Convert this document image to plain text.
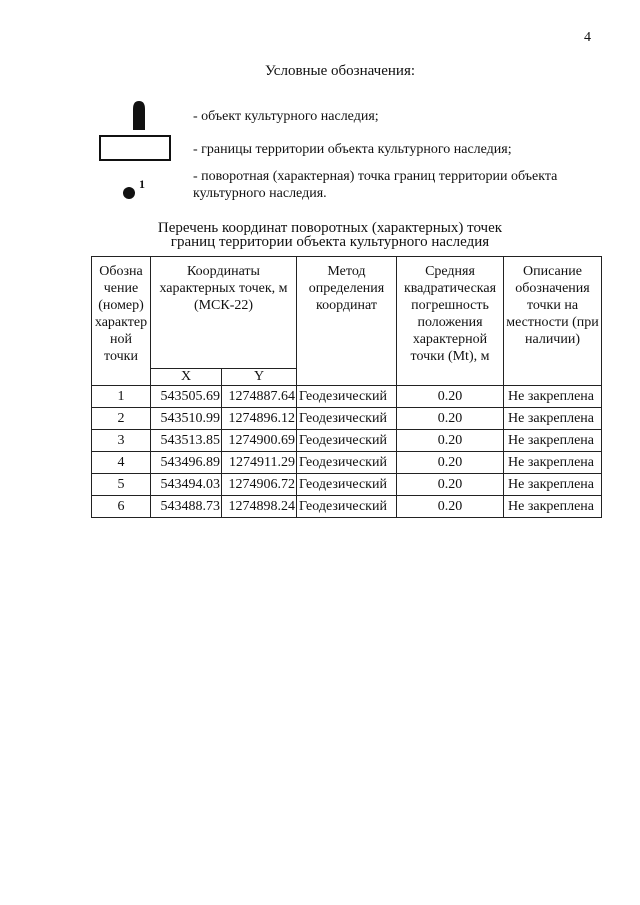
4
Условные обозначения:
- объект культурного наследия;
- границы территории объекта культурного наследия;
1	- поворотная (характерная) точка границ территории объекта культурного наследия.
Перечень координат поворотных (характерных) точек
границ территории объекта культурного наследия
Обозна чение (номер) характер ной точки	Координаты характерных точек, м (МСК-22)		Метод определения координат	Средняя квадратическая погрешность положения характерной точки (Mt), м	Описание обозначения точки на местности (при наличии)
	X	Y			
1	543505.69	1274887.64	Геодезический	0.20	Не закреплена
2	543510.99	1274896.12	Геодезический	0.20	Не закреплена
3	543513.85	1274900.69	Геодезический	0.20	Не закреплена
4	543496.89	1274911.29	Геодезический	0.20	Не закреплена
5	543494.03	1274906.72	Геодезический	0.20	Не закреплена
6	543488.73	1274898.24	Геодезический	0.20	Не закреплена
